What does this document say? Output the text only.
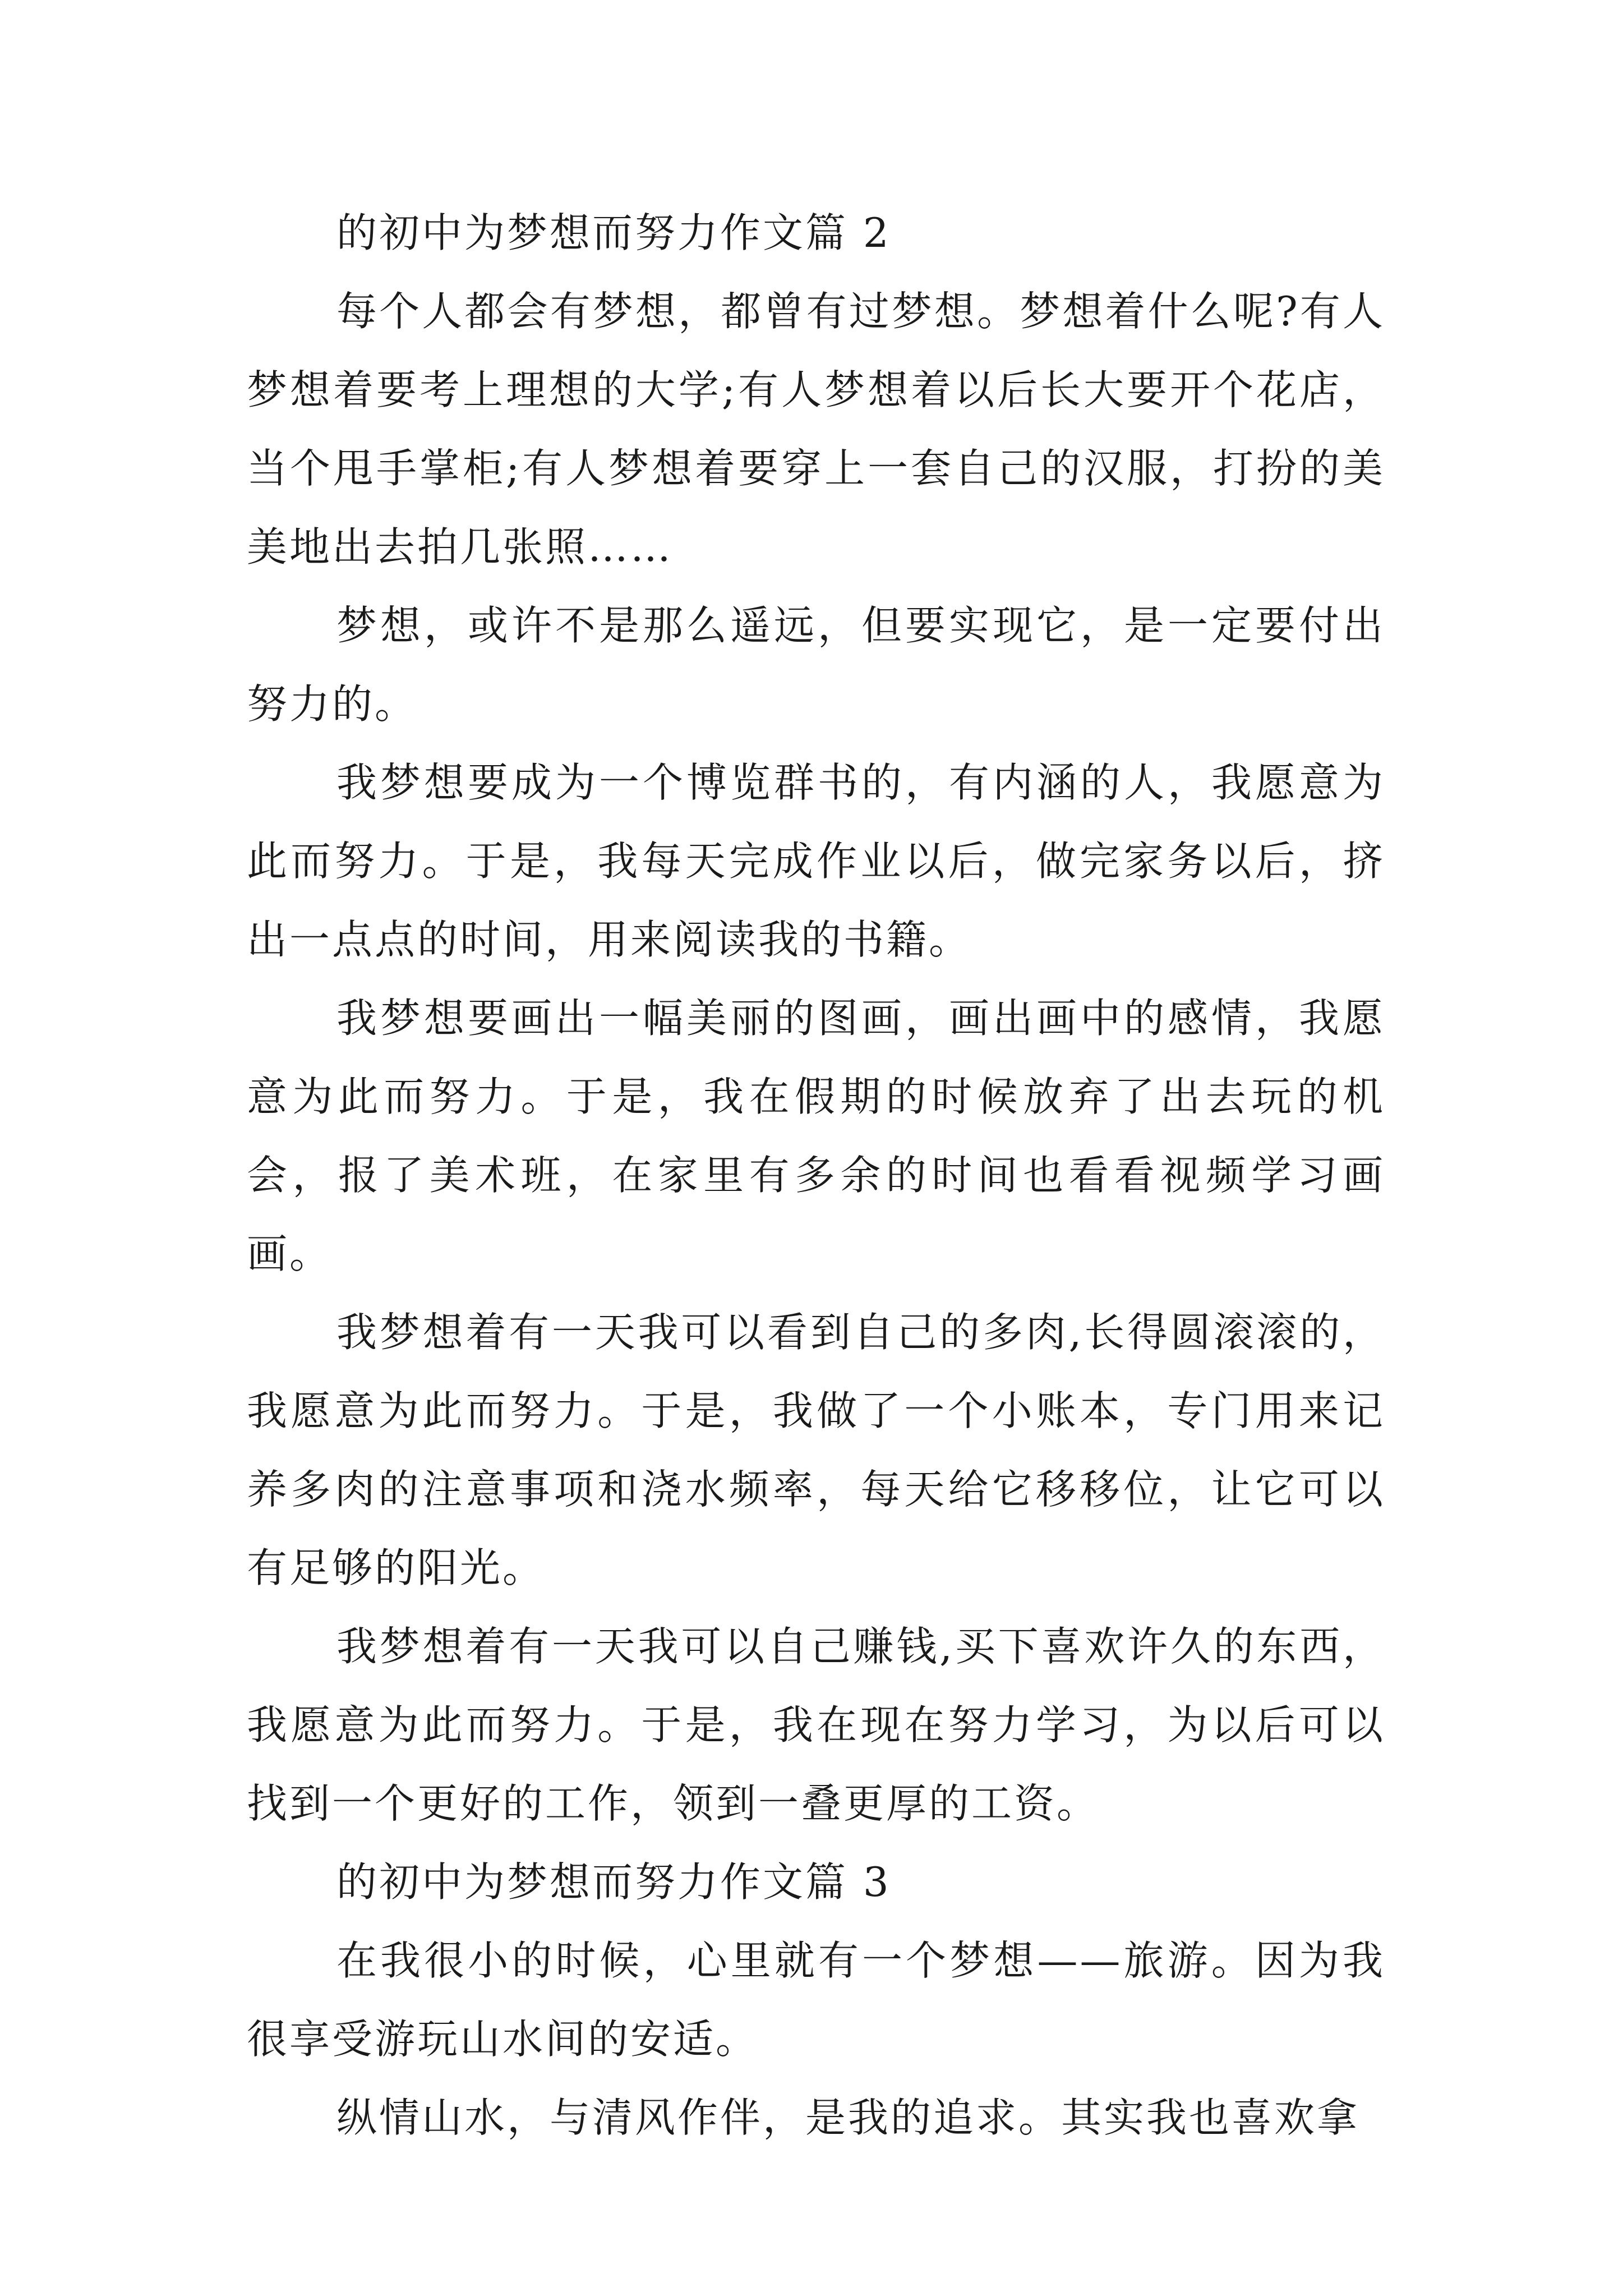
的初中为梦想而努力作文篇 2

每个人都会有梦想，都曾有过梦想。梦想着什么呢?有人梦想着要考上理想的大学;有人梦想着以后长大要开个花店，当个甩手掌柜;有人梦想着要穿上一套自己的汉服，打扮的美美地出去拍几张照……

梦想，或许不是那么遥远，但要实现它，是一定要付出努力的。

我梦想要成为一个博览群书的，有内涵的人，我愿意为此而努力。于是，我每天完成作业以后，做完家务以后，挤出一点点的时间，用来阅读我的书籍。

我梦想要画出一幅美丽的图画，画出画中的感情，我愿意为此而努力。于是，我在假期的时候放弃了出去玩的机会，报了美术班，在家里有多余的时间也看看视频学习画画。

我梦想着有一天我可以看到自己的多肉,长得圆滚滚的，我愿意为此而努力。于是，我做了一个小账本，专门用来记养多肉的注意事项和浇水频率，每天给它移移位，让它可以有足够的阳光。

我梦想着有一天我可以自己赚钱,买下喜欢许久的东西，我愿意为此而努力。于是，我在现在努力学习，为以后可以找到一个更好的工作，领到一叠更厚的工资。

的初中为梦想而努力作文篇 3

在我很小的时候，心里就有一个梦想——旅游。因为我很享受游玩山水间的安适。

纵情山水，与清风作伴，是我的追求。其实我也喜欢拿
